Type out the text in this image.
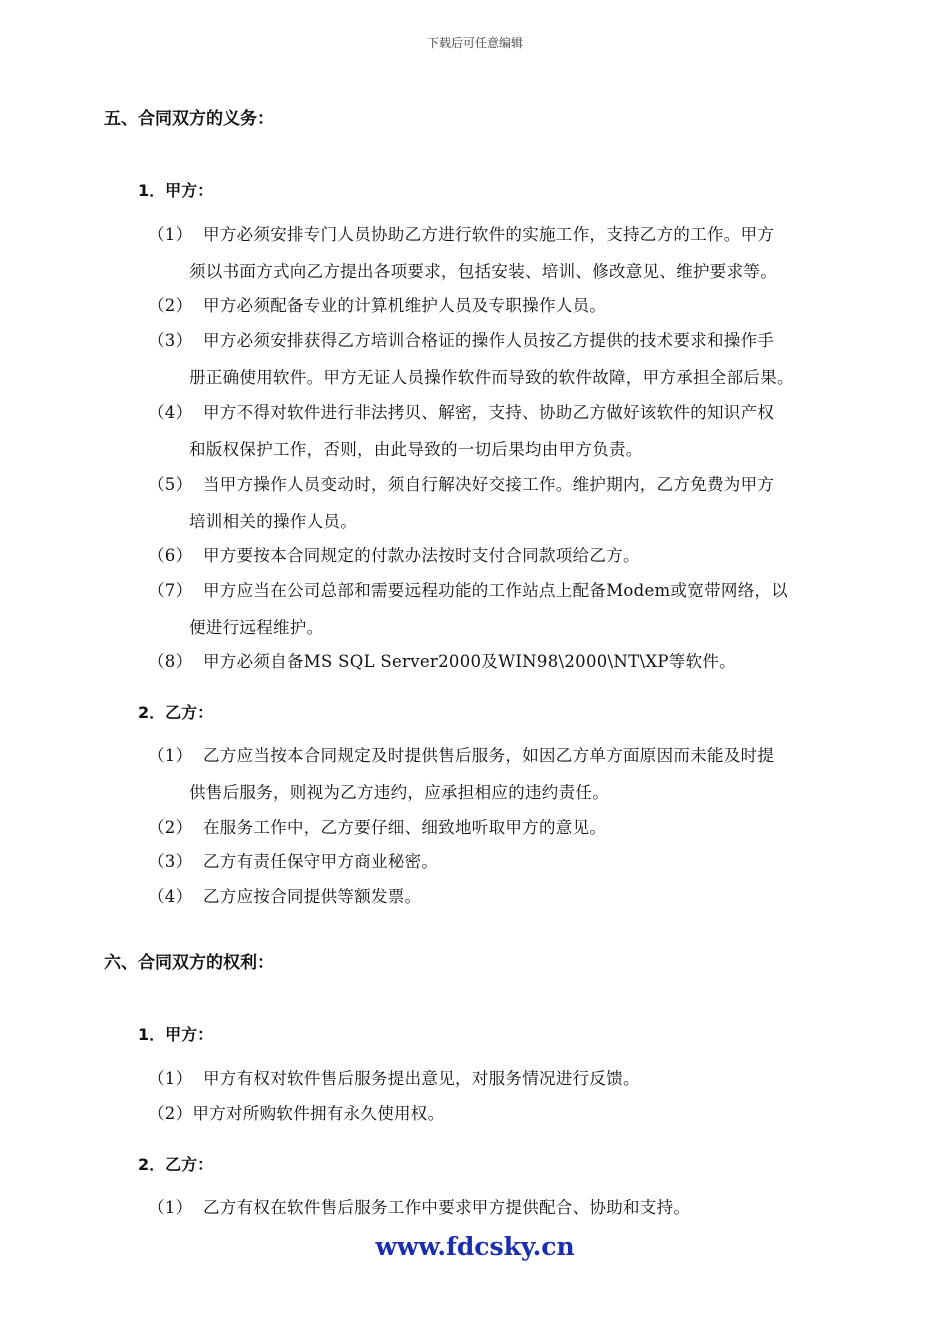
下载后可任意编辑
五、合同双方的义务：
1．甲方：
（1） 甲方必须安排专门人员协助乙方进行软件的实施工作，支持乙方的工作。甲方
须以书面方式向乙方提出各项要求，包括安装、培训、修改意见、维护要求等。
（2） 甲方必须配备专业的计算机维护人员及专职操作人员。
（3） 甲方必须安排获得乙方培训合格证的操作人员按乙方提供的技术要求和操作手
册正确使用软件。甲方无证人员操作软件而导致的软件故障，甲方承担全部后果。
（4） 甲方不得对软件进行非法拷贝、解密，支持、协助乙方做好该软件的知识产权
和版权保护工作，否则，由此导致的一切后果均由甲方负责。
（5） 当甲方操作人员变动时，须自行解决好交接工作。维护期内，乙方免费为甲方
培训相关的操作人员。
（6） 甲方要按本合同规定的付款办法按时支付合同款项给乙方。
（7） 甲方应当在公司总部和需要远程功能的工作站点上配备Modem或宽带网络，以
便进行远程维护。
（8） 甲方必须自备MS SQL Server2000及WIN98\2000\NT\XP等软件。
2．乙方：
（1） 乙方应当按本合同规定及时提供售后服务，如因乙方单方面原因而未能及时提
供售后服务，则视为乙方违约，应承担相应的违约责任。
（2） 在服务工作中，乙方要仔细、细致地听取甲方的意见。
（3） 乙方有责任保守甲方商业秘密。
（4） 乙方应按合同提供等额发票。
六、合同双方的权利：
1．甲方：
（1） 甲方有权对软件售后服务提出意见，对服务情况进行反馈。
（2）甲方对所购软件拥有永久使用权。
2．乙方：
（1） 乙方有权在软件售后服务工作中要求甲方提供配合、协助和支持。
www.fdcsky.cn
